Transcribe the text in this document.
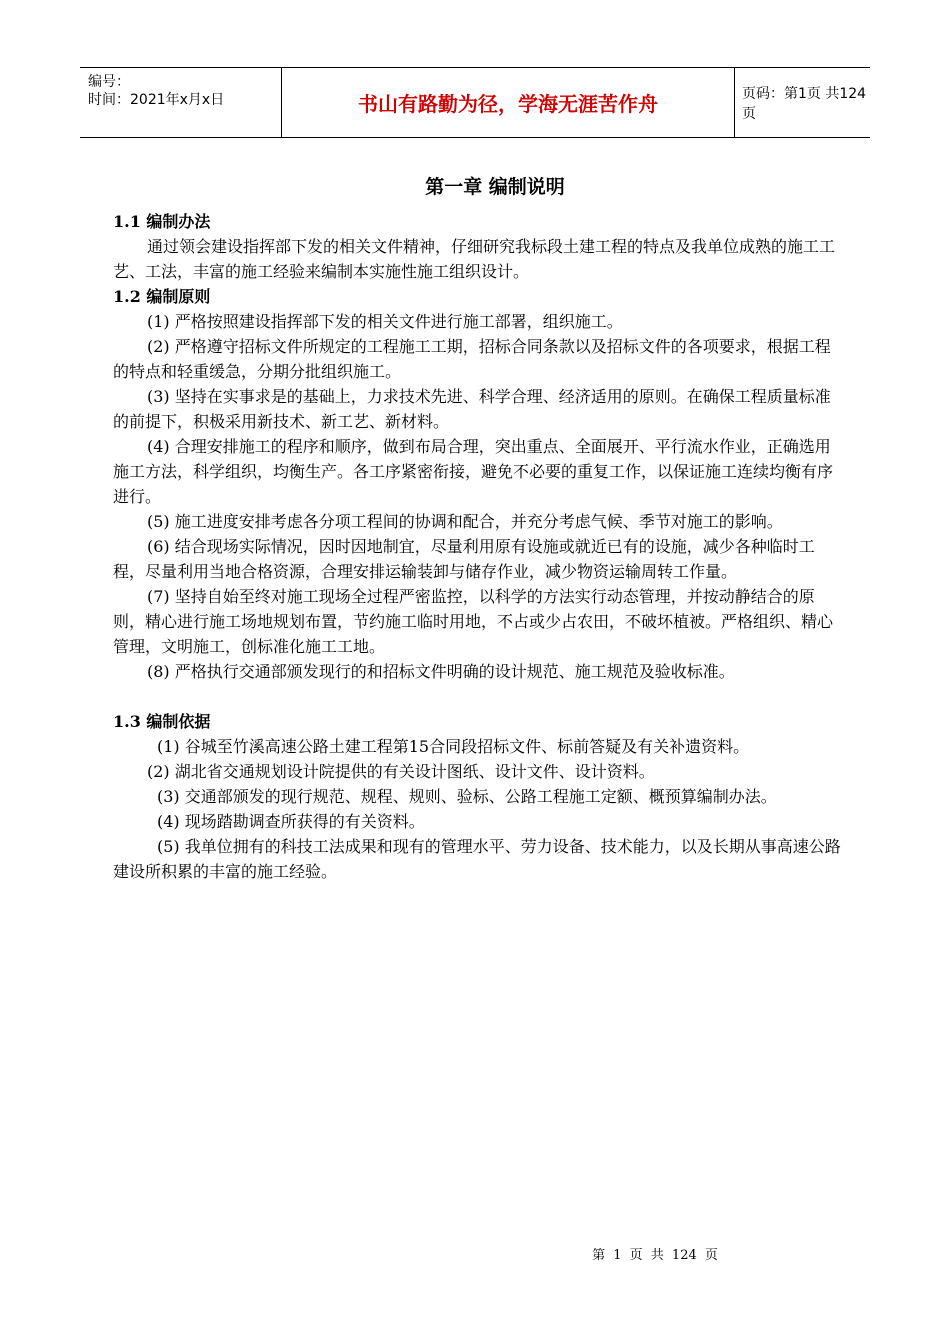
编号：
时间：2021年x月x日	书山有路勤为径，学海无涯苦作舟	页码：第1页 共124页
第一章 编制说明

1.1 编制办法

通过领会建设指挥部下发的相关文件精神，仔细研究我标段土建工程的特点及我单位成熟的施工工艺、工法，丰富的施工经验来编制本实施性施工组织设计。

1.2 编制原则

(1) 严格按照建设指挥部下发的相关文件进行施工部署，组织施工。

(2) 严格遵守招标文件所规定的工程施工工期，招标合同条款以及招标文件的各项要求，根据工程的特点和轻重缓急，分期分批组织施工。

(3) 坚持在实事求是的基础上，力求技术先进、科学合理、经济适用的原则。在确保工程质量标准的前提下，积极采用新技术、新工艺、新材料。

(4) 合理安排施工的程序和顺序，做到布局合理，突出重点、全面展开、平行流水作业，正确选用施工方法，科学组织，均衡生产。各工序紧密衔接，避免不必要的重复工作，以保证施工连续均衡有序进行。

(5) 施工进度安排考虑各分项工程间的协调和配合，并充分考虑气候、季节对施工的影响。

(6) 结合现场实际情况，因时因地制宜，尽量利用原有设施或就近已有的设施，减少各种临时工程，尽量利用当地合格资源，合理安排运输装卸与储存作业，减少物资运输周转工作量。

(7) 坚持自始至终对施工现场全过程严密监控，以科学的方法实行动态管理，并按动静结合的原则，精心进行施工场地规划布置，节约施工临时用地，不占或少占农田，不破坏植被。严格组织、精心管理，文明施工，创标准化施工工地。

(8) 严格执行交通部颁发现行的和招标文件明确的设计规范、施工规范及验收标准。

1.3 编制依据

(1) 谷城至竹溪高速公路土建工程第15合同段招标文件、标前答疑及有关补遗资料。

(2) 湖北省交通规划设计院提供的有关设计图纸、设计文件、设计资料。

(3) 交通部颁发的现行规范、规程、规则、验标、公路工程施工定额、概预算编制办法。

(4) 现场踏勘调查所获得的有关资料。

(5) 我单位拥有的科技工法成果和现有的管理水平、劳力设备、技术能力，以及长期从事高速公路建设所积累的丰富的施工经验。

第 1 页 共 124 页
